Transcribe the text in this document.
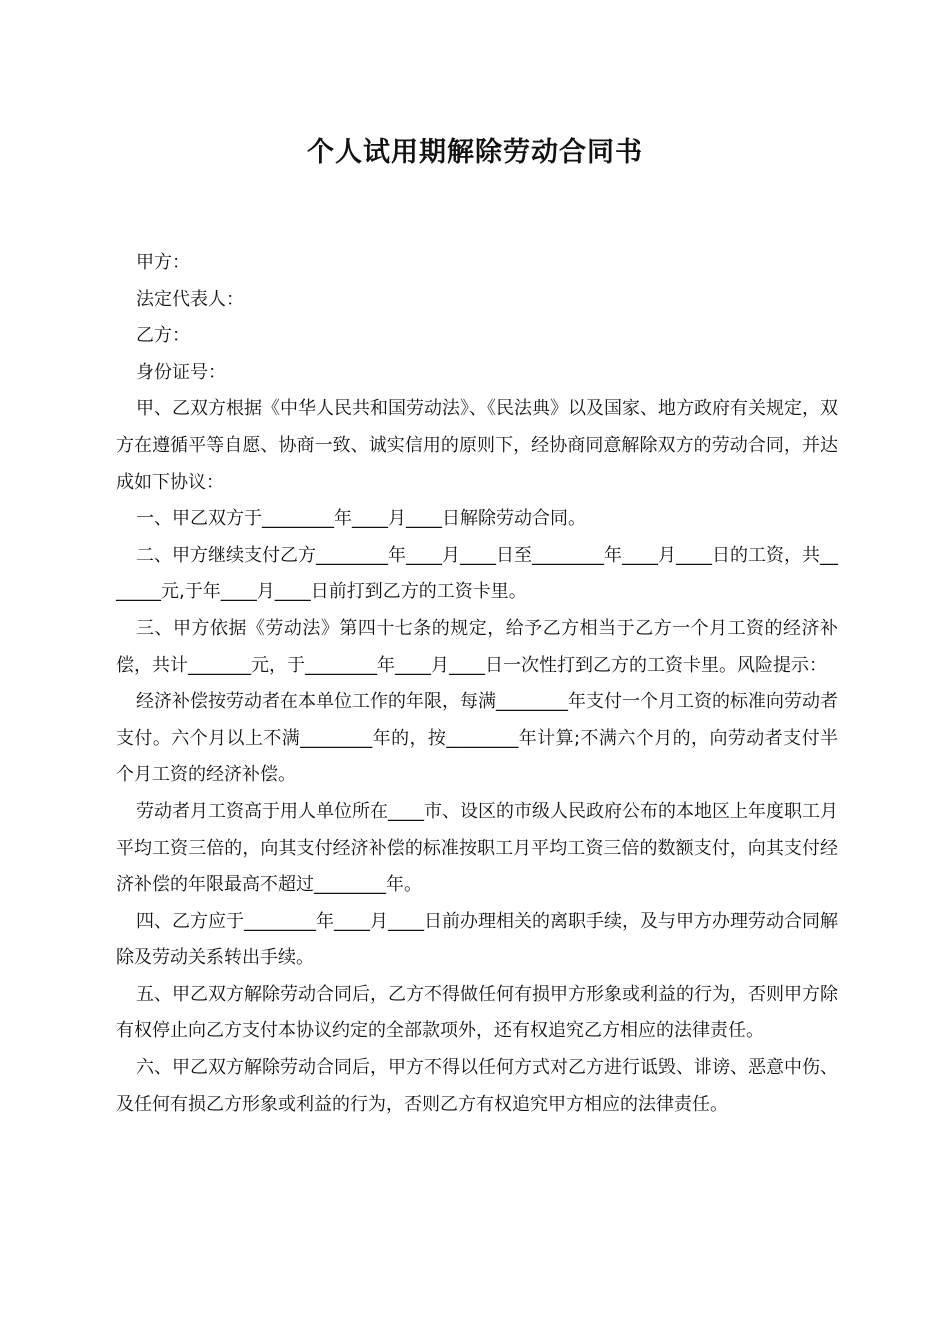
个人试用期解除劳动合同书

甲方：

法定代表人：

乙方：

身份证号：

甲、乙双方根据《中华人民共和国劳动法》、《民法典》以及国家、地方政府有关规定，双方在遵循平等自愿、协商一致、诚实信用的原则下，经协商同意解除双方的劳动合同，并达成如下协议：

一、甲乙双方于________年____月____日解除劳动合同。

二、甲方继续支付乙方________年____月____日至________年____月____日的工资，共_______元,于年____月____日前打到乙方的工资卡里。

三、甲方依据《劳动法》第四十七条的规定，给予乙方相当于乙方一个月工资的经济补偿，共计_______元，于________年____月____日一次性打到乙方的工资卡里。风险提示：

经济补偿按劳动者在本单位工作的年限，每满________年支付一个月工资的标准向劳动者支付。六个月以上不满________年的，按________年计算;不满六个月的，向劳动者支付半个月工资的经济补偿。

劳动者月工资高于用人单位所在____市、设区的市级人民政府公布的本地区上年度职工月平均工资三倍的，向其支付经济补偿的标准按职工月平均工资三倍的数额支付，向其支付经济补偿的年限最高不超过________年。

四、乙方应于________年____月____日前办理相关的离职手续，及与甲方办理劳动合同解除及劳动关系转出手续。

五、甲乙双方解除劳动合同后，乙方不得做任何有损甲方形象或利益的行为，否则甲方除有权停止向乙方支付本协议约定的全部款项外，还有权追究乙方相应的法律责任。

六、甲乙双方解除劳动合同后，甲方不得以任何方式对乙方进行诋毁、诽谤、恶意中伤、及任何有损乙方形象或利益的行为，否则乙方有权追究甲方相应的法律责任。
